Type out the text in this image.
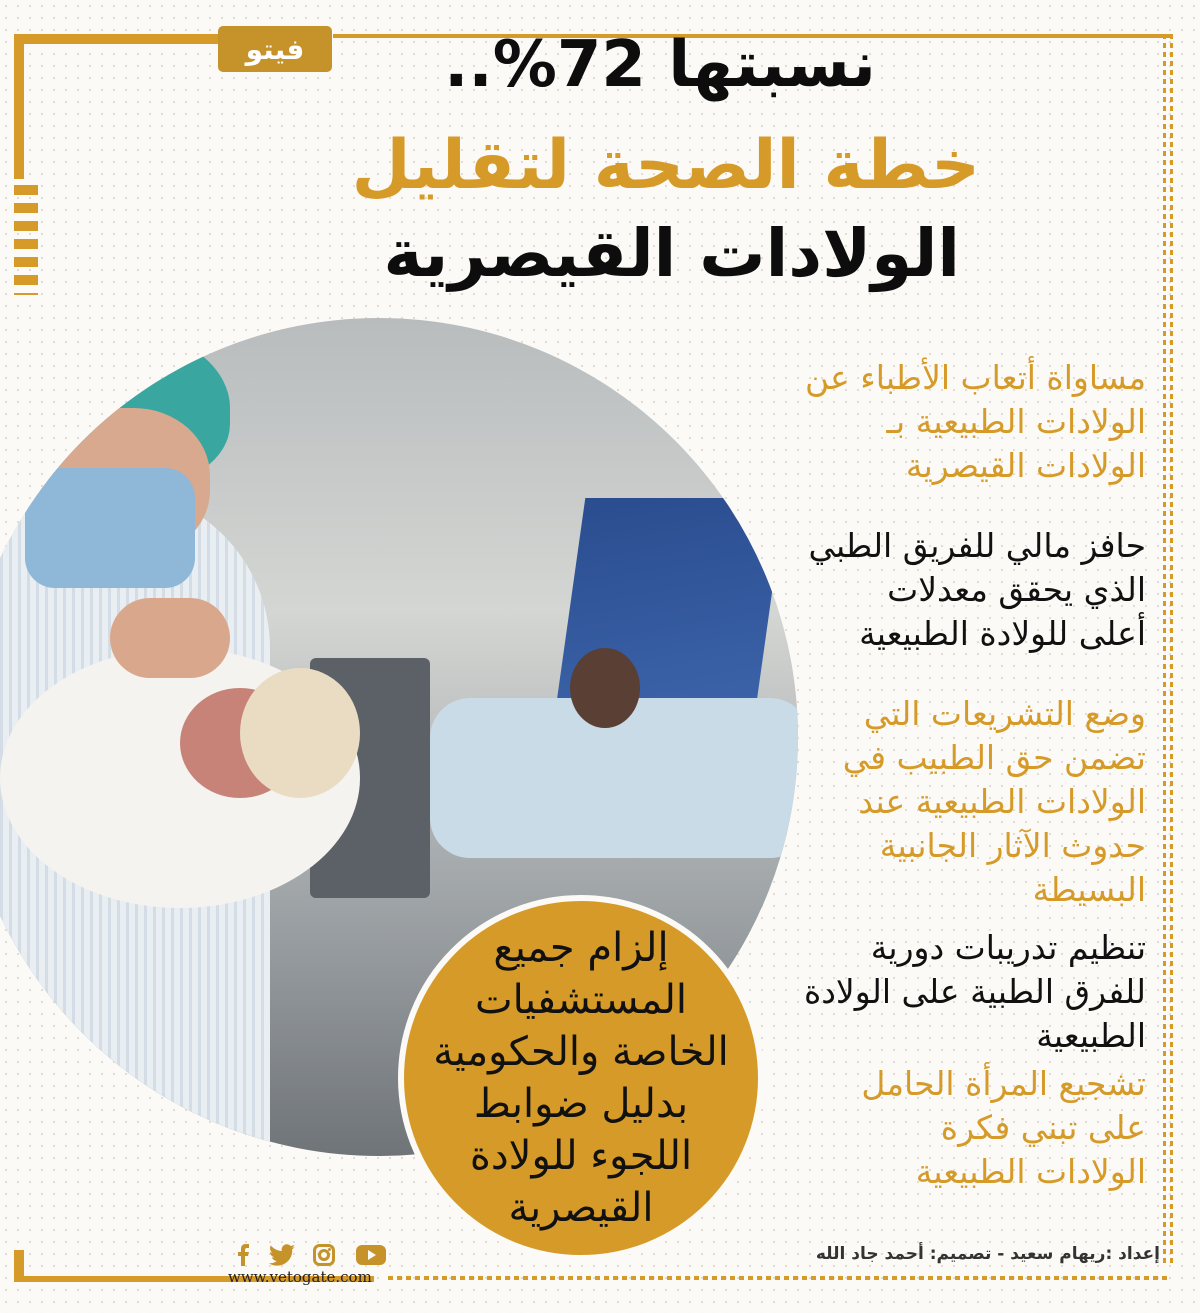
فيتو	نسبتها 72%..
خطة الصحة لتقليل
الولادات القيصرية
إلزام جميع
المستشفيات
الخاصة والحكومية
بدليل ضوابط
اللجوء للولادة
القيصرية
مساواة أتعاب الأطباء عن
الولادات الطبيعية بـ
الولادات القيصرية
حافز مالي للفريق الطبي
الذي يحقق معدلات
أعلى للولادة الطبيعية
وضع التشريعات التي
تضمن حق الطبيب في
الولادات الطبيعية عند
حدوث الآثار الجانبية
البسيطة
تنظيم تدريبات دورية
للفرق الطبية على الولادة
الطبيعية
تشجيع المرأة الحامل
على تبني فكرة
الولادات الطبيعية
www.vetogate.com
إعداد :ريهام سعيد - تصميم: أحمد جاد الله
